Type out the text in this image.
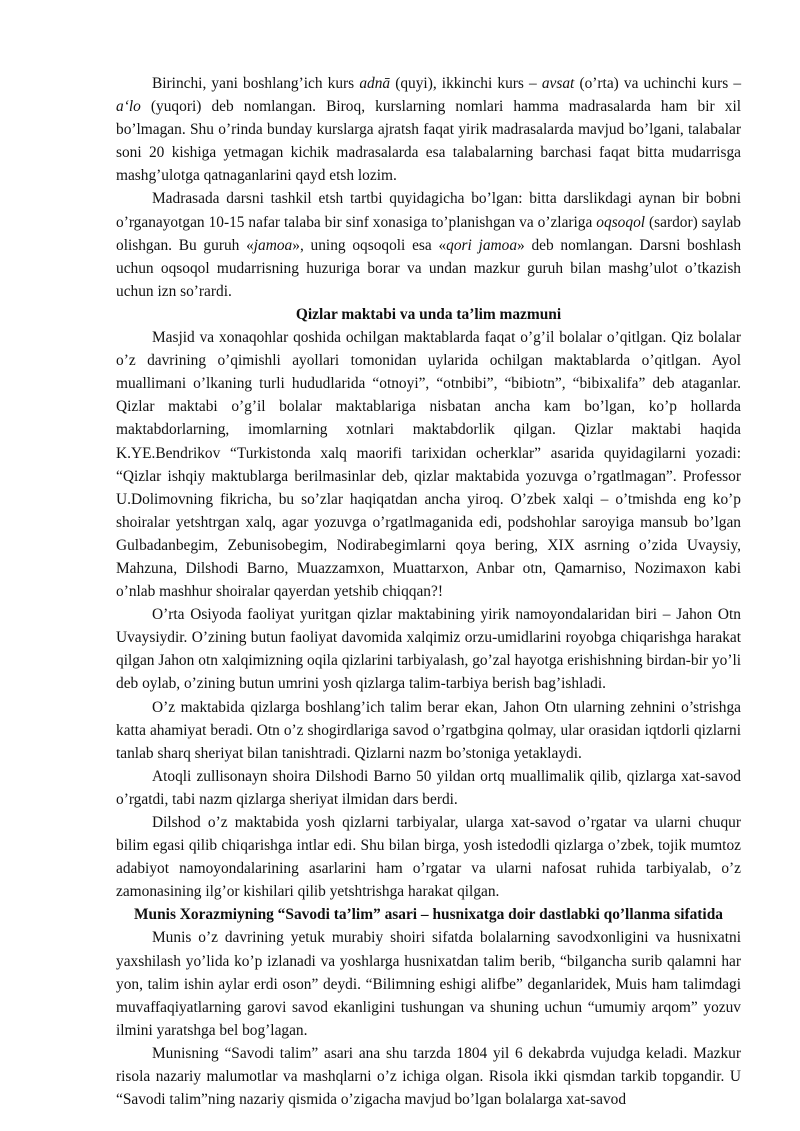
Birinchi, yani boshlang’ich kurs adnā (quyi), ikkinchi kurs – avsat (o’rta) va uchinchi kurs – a‘lo (yuqori) deb nomlangan. Biroq, kurslarning nomlari hamma madrasalarda ham bir xil bo’lmagan. Shu o’rinda bunday kurslarga ajratsh faqat yirik madrasalarda mavjud bo’lgani, talabalar soni 20 kishiga yetmagan kichik madrasalarda esa talabalarning barchasi faqat bitta mudarrisga mashg’ulotga qatnaganlarini qayd etsh lozim.

Madrasada darsni tashkil etsh tartbi quyidagicha bo’lgan: bitta darslikdagi aynan bir bobni o’rganayotgan 10-15 nafar talaba bir sinf xonasiga to’planishgan va o’zlariga oqsoqol (sardor) saylab olishgan. Bu guruh «jamoa», uning oqsoqoli esa «qori jamoa» deb nomlangan. Darsni boshlash uchun oqsoqol mudarrisning huzuriga borar va undan mazkur guruh bilan mashg’ulot o’tkazish uchun izn so’rardi.

Qizlar maktabi va unda ta’lim mazmuni

Masjid va xonaqohlar qoshida ochilgan maktablarda faqat o’g’il bolalar o’qitlgan. Qiz bolalar o’z davrining o’qimishli ayollari tomonidan uylarida ochilgan maktablarda o’qitlgan. Ayol muallimani o’lkaning turli hududlarida “otnoyi”, “otnbibi”, “bibiotn”, “bibixalifa” deb ataganlar. Qizlar maktabi o’g’il bolalar maktablariga nisbatan ancha kam bo’lgan, ko’p hollarda maktabdorlarning, imomlarning xotnlari maktabdorlik qilgan. Qizlar maktabi haqida K.YE.Bendrikov “Turkistonda xalq maorifi tarixidan ocherklar” asarida quyidagilarni yozadi: “Qizlar ishqiy maktublarga berilmasinlar deb, qizlar maktabida yozuvga o’rgatlmagan”. Professor U.Dolimovning fikricha, bu so’zlar haqiqatdan ancha yiroq. O’zbek xalqi – o’tmishda eng ko’p shoiralar yetshtrgan xalq, agar yozuvga o’rgatlmaganida edi, podshohlar saroyiga mansub bo’lgan Gulbadanbegim, Zebunisobegim, Nodirabegimlarni qoya bering, XIX asrning o’zida Uvaysiy, Mahzuna, Dilshodi Barno, Muazzamxon, Muattarxon, Anbar otn, Qamarniso, Nozimaxon kabi o’nlab mashhur shoiralar qayerdan yetshib chiqqan?!

O’rta Osiyoda faoliyat yuritgan qizlar maktabining yirik namoyondalaridan biri – Jahon Otn Uvaysiydir. O’zining butun faoliyat davomida xalqimiz orzu-umidlarini royobga chiqarishga harakat qilgan Jahon otn xalqimizning oqila qizlarini tarbiyalash, go’zal hayotga erishishning birdan-bir yo’li deb oylab, o’zining butun umrini yosh qizlarga talim-tarbiya berish bag’ishladi.

O’z maktabida qizlarga boshlang’ich talim berar ekan, Jahon Otn ularning zehnini o’strishga katta ahamiyat beradi. Otn o’z shogirdlariga savod o’rgatbgina qolmay, ular orasidan iqtdorli qizlarni tanlab sharq sheriyat bilan tanishtradi. Qizlarni nazm bo’stoniga yetaklaydi.

Atoqli zullisonayn shoira Dilshodi Barno 50 yildan ortq muallimalik qilib, qizlarga xat-savod o’rgatdi, tabi nazm qizlarga sheriyat ilmidan dars berdi.

Dilshod o’z maktabida yosh qizlarni tarbiyalar, ularga xat-savod o’rgatar va ularni chuqur bilim egasi qilib chiqarishga intlar edi. Shu bilan birga, yosh istedodli qizlarga o’zbek, tojik mumtoz adabiyot namoyondalarining asarlarini ham o’rgatar va ularni nafosat ruhida tarbiyalab, o’z zamonasining ilg’or kishilari qilib yetshtrishga harakat qilgan.

Munis Xorazmiyning “Savodi ta’lim” asari – husnixatga doir dastlabki qo’llanma sifatida

Munis o’z davrining yetuk murabiy shoiri sifatda bolalarning savodxonligini va husnixatni yaxshilash yo’lida ko’p izlanadi va yoshlarga husnixatdan talim berib, “bilgancha surib qalamni har yon, talim ishin aylar erdi oson” deydi. “Bilimning eshigi alifbe” deganlaridek, Muis ham talimdagi muvaffaqiyatlarning garovi savod ekanligini tushungan va shuning uchun “umumiy arqom” yozuv ilmini yaratshga bel bog’lagan.

Munisning “Savodi talim” asari ana shu tarzda 1804 yil 6 dekabrda vujudga keladi. Mazkur risola nazariy malumotlar va mashqlarni o’z ichiga olgan. Risola ikki qismdan tarkib topgandir. U “Savodi talim”ning nazariy qismida o’zigacha mavjud bo’lgan bolalarga xat-savod
